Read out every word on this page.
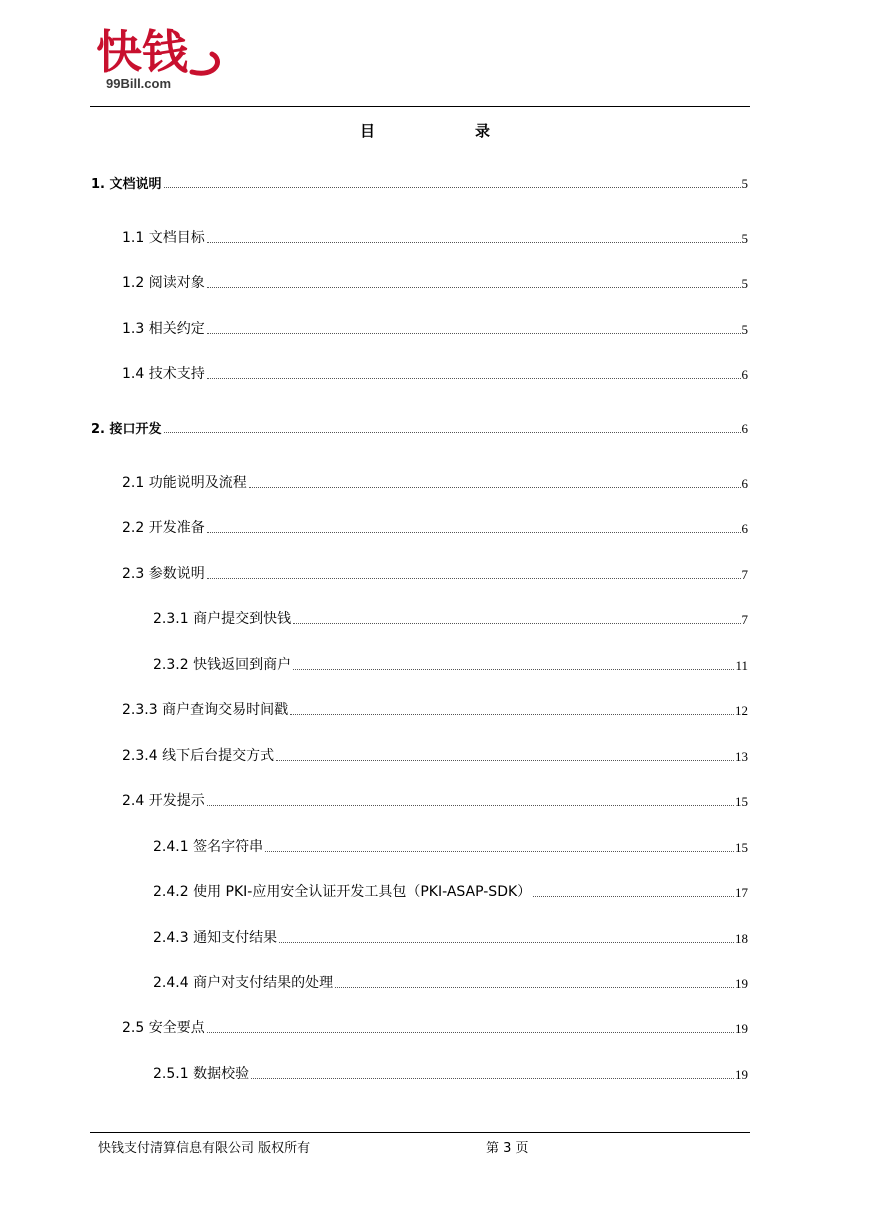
快钱
99Bill.com
目	录
1. 文档说明	5
1.1 文档目标	5
1.2 阅读对象	5
1.3 相关约定	5
1.4 技术支持	6
2. 接口开发	6
2.1 功能说明及流程	6
2.2 开发准备	6
2.3 参数说明	7
2.3.1 商户提交到快钱	7
2.3.2 快钱返回到商户	11
2.3.3 商户查询交易时间戳	12
2.3.4 线下后台提交方式	13
2.4 开发提示	15
2.4.1 签名字符串	15
2.4.2 使用 PKI-应用安全认证开发工具包（PKI-ASAP-SDK）	17
2.4.3 通知支付结果	18
2.4.4 商户对支付结果的处理	19
2.5 安全要点	19
2.5.1 数据校验	19
快钱支付清算信息有限公司 版权所有	第 3 页
